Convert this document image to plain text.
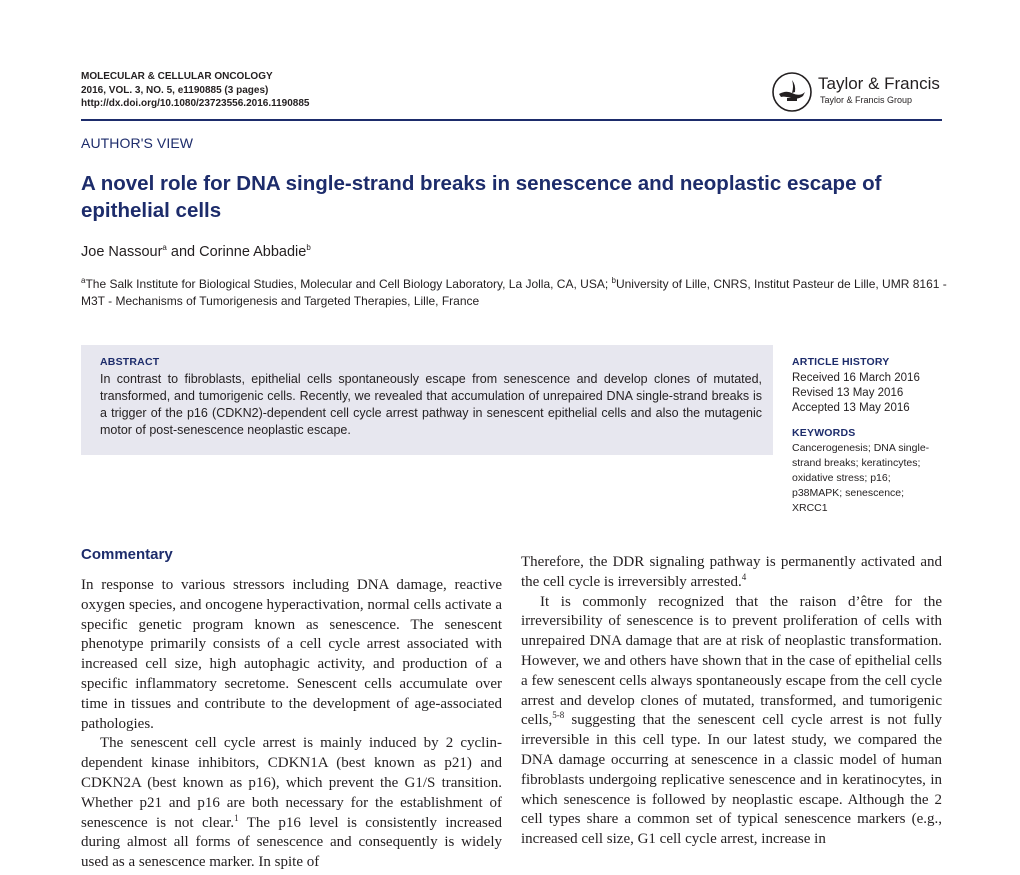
MOLECULAR & CELLULAR ONCOLOGY
2016, VOL. 3, NO. 5, e1190885 (3 pages)
http://dx.doi.org/10.1080/23723556.2016.1190885
Taylor & Francis
Taylor & Francis Group
AUTHOR'S VIEW
A novel role for DNA single-strand breaks in senescence and neoplastic escape of epithelial cells
Joe Nassour$^a$ and Corinne Abbadie$^b$
$^a$The Salk Institute for Biological Studies, Molecular and Cell Biology Laboratory, La Jolla, CA, USA; $^b$University of Lille, CNRS, Institut Pasteur de Lille, UMR 8161 - M3T - Mechanisms of Tumorigenesis and Targeted Therapies, Lille, France
ABSTRACT
In contrast to fibroblasts, epithelial cells spontaneously escape from senescence and develop clones of mutated, transformed, and tumorigenic cells. Recently, we revealed that accumulation of unrepaired DNA single-strand breaks is a trigger of the p16 (CDKN2)-dependent cell cycle arrest pathway in senescent epithelial cells and also the mutagenic motor of post-senescence neoplastic escape.
ARTICLE HISTORY
Received 16 March 2016
Revised 13 May 2016
Accepted 13 May 2016
KEYWORDS
Cancerogenesis; DNA single-strand breaks; keratincytes; oxidative stress; p16; p38MAPK; senescence; XRCC1
Commentary

In response to various stressors including DNA damage, reactive oxygen species, and oncogene hyperactivation, normal cells activate a specific genetic program known as senescence. The senescent phenotype primarily consists of a cell cycle arrest associated with increased cell size, high autophagic activity, and production of a specific inflammatory secretome. Senescent cells accumulate over time in tissues and contribute to the development of age-associated pathologies.

The senescent cell cycle arrest is mainly induced by 2 cyclin-dependent kinase inhibitors, CDKN1A (best known as p21) and CDKN2A (best known as p16), which prevent the G1/S transition. Whether p21 and p16 are both necessary for the establishment of senescence is not clear.$^1$ The p16 level is consistently increased during almost all forms of senescence and consequently is widely used as a senescence marker. In spite of

Therefore, the DDR signaling pathway is permanently activated and the cell cycle is irreversibly arrested.$^4$

It is commonly recognized that the raison d’être for the irreversibility of senescence is to prevent proliferation of cells with unrepaired DNA damage that are at risk of neoplastic transformation. However, we and others have shown that in the case of epithelial cells a few senescent cells always spontaneously escape from the cell cycle arrest and develop clones of mutated, transformed, and tumorigenic cells,$^{5-8}$ suggesting that the senescent cell cycle arrest is not fully irreversible in this cell type. In our latest study, we compared the DNA damage occurring at senescence in a classic model of human fibroblasts undergoing replicative senescence and in keratinocytes, in which senescence is followed by neoplastic escape. Although the 2 cell types share a common set of typical senescence markers (e.g., increased cell size, G1 cell cycle arrest, increase in
